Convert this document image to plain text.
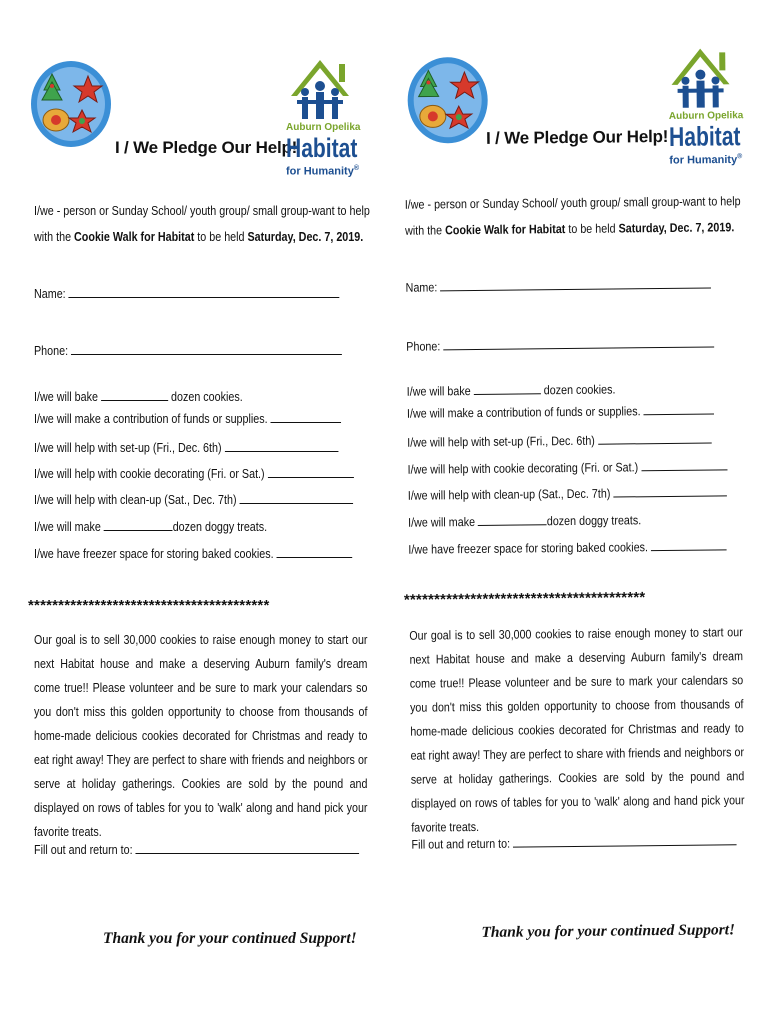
I / We Pledge Our Help!
Auburn Opelika
Habitat
for Humanity®
I/we - person or Sunday School/ youth group/ small group-want to help
with the Cookie Walk for Habitat to be held Saturday, Dec. 7, 2019.
Name:
Phone:
I/we will bake	dozen cookies.
I/we will make a contribution of funds or supplies.
I/we will help with set-up (Fri., Dec. 6th)
I/we will help with cookie decorating (Fri. or Sat.)
I/we will help with clean-up (Sat., Dec. 7th)
I/we will make	dozen doggy treats.
I/we have freezer space for storing baked cookies.
****************************************
Our goal is to sell 30,000 cookies to raise enough money to start our next Habitat house and make a deserving Auburn family's dream come true!! Please volunteer and be sure to mark your calendars so you don't miss this golden opportunity to choose from thousands of home-made delicious cookies decorated for Christmas and ready to eat right away! They are perfect to share with friends and neighbors or serve at holiday gatherings. Cookies are sold by the pound and displayed on rows of tables for you to 'walk' along and hand pick your favorite treats.
Fill out and return to:
Thank you for your continued Support!
I / We Pledge Our Help!
Auburn Opelika
Habitat
for Humanity®
I/we - person or Sunday School/ youth group/ small group-want to help
with the Cookie Walk for Habitat to be held Saturday, Dec. 7, 2019.
Name:
Phone:
I/we will bake	dozen cookies.
I/we will make a contribution of funds or supplies.
I/we will help with set-up (Fri., Dec. 6th)
I/we will help with cookie decorating (Fri. or Sat.)
I/we will help with clean-up (Sat., Dec. 7th)
I/we will make	dozen doggy treats.
I/we have freezer space for storing baked cookies.
****************************************
Our goal is to sell 30,000 cookies to raise enough money to start our next Habitat house and make a deserving Auburn family's dream come true!! Please volunteer and be sure to mark your calendars so you don't miss this golden opportunity to choose from thousands of home-made delicious cookies decorated for Christmas and ready to eat right away! They are perfect to share with friends and neighbors or serve at holiday gatherings. Cookies are sold by the pound and displayed on rows of tables for you to 'walk' along and hand pick your favorite treats.
Fill out and return to:
Thank you for your continued Support!
